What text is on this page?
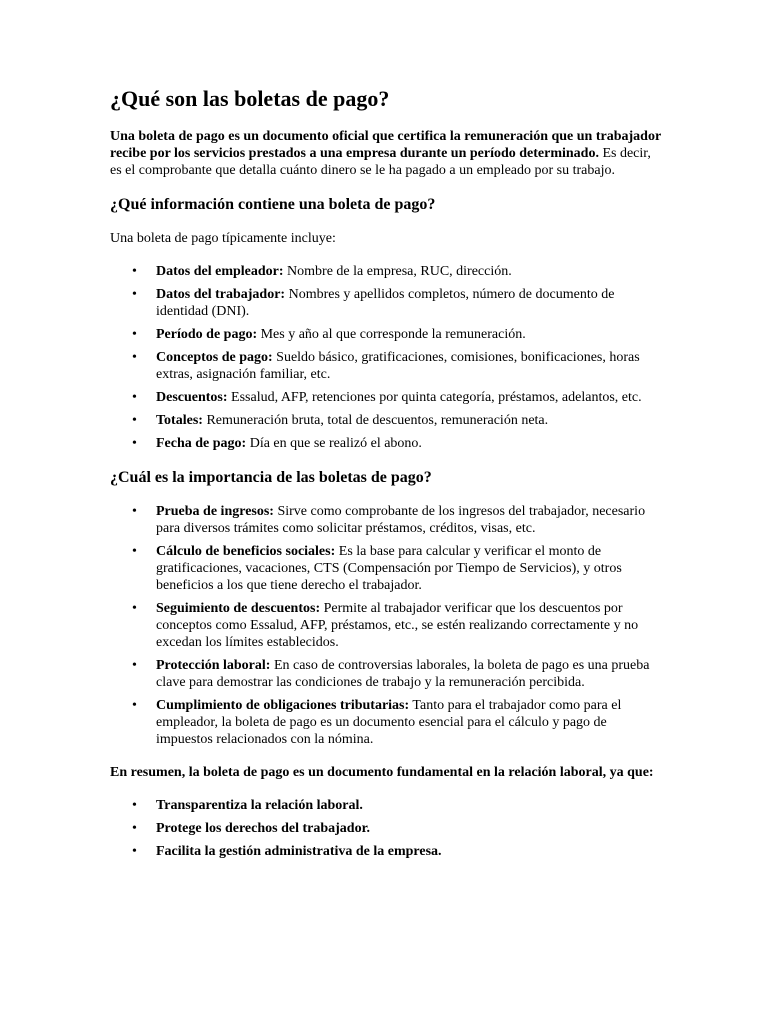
¿Qué son las boletas de pago?

Una boleta de pago es un documento oficial que certifica la remuneración que un trabajador recibe por los servicios prestados a una empresa durante un período determinado. Es decir, es el comprobante que detalla cuánto dinero se le ha pagado a un empleado por su trabajo.

¿Qué información contiene una boleta de pago?

Una boleta de pago típicamente incluye:

• Datos del empleador: Nombre de la empresa, RUC, dirección.
• Datos del trabajador: Nombres y apellidos completos, número de documento de identidad (DNI).
• Período de pago: Mes y año al que corresponde la remuneración.
• Conceptos de pago: Sueldo básico, gratificaciones, comisiones, bonificaciones, horas extras, asignación familiar, etc.
• Descuentos: Essalud, AFP, retenciones por quinta categoría, préstamos, adelantos, etc.
• Totales: Remuneración bruta, total de descuentos, remuneración neta.
• Fecha de pago: Día en que se realizó el abono.
¿Cuál es la importancia de las boletas de pago?
• Prueba de ingresos: Sirve como comprobante de los ingresos del trabajador, necesario para diversos trámites como solicitar préstamos, créditos, visas, etc.
• Cálculo de beneficios sociales: Es la base para calcular y verificar el monto de gratificaciones, vacaciones, CTS (Compensación por Tiempo de Servicios), y otros beneficios a los que tiene derecho el trabajador.
• Seguimiento de descuentos: Permite al trabajador verificar que los descuentos por conceptos como Essalud, AFP, préstamos, etc., se estén realizando correctamente y no excedan los límites establecidos.
• Protección laboral: En caso de controversias laborales, la boleta de pago es una prueba clave para demostrar las condiciones de trabajo y la remuneración percibida.
• Cumplimiento de obligaciones tributarias: Tanto para el trabajador como para el empleador, la boleta de pago es un documento esencial para el cálculo y pago de impuestos relacionados con la nómina.

En resumen, la boleta de pago es un documento fundamental en la relación laboral, ya que:

• Transparentiza la relación laboral.
• Protege los derechos del trabajador.
• Facilita la gestión administrativa de la empresa.
